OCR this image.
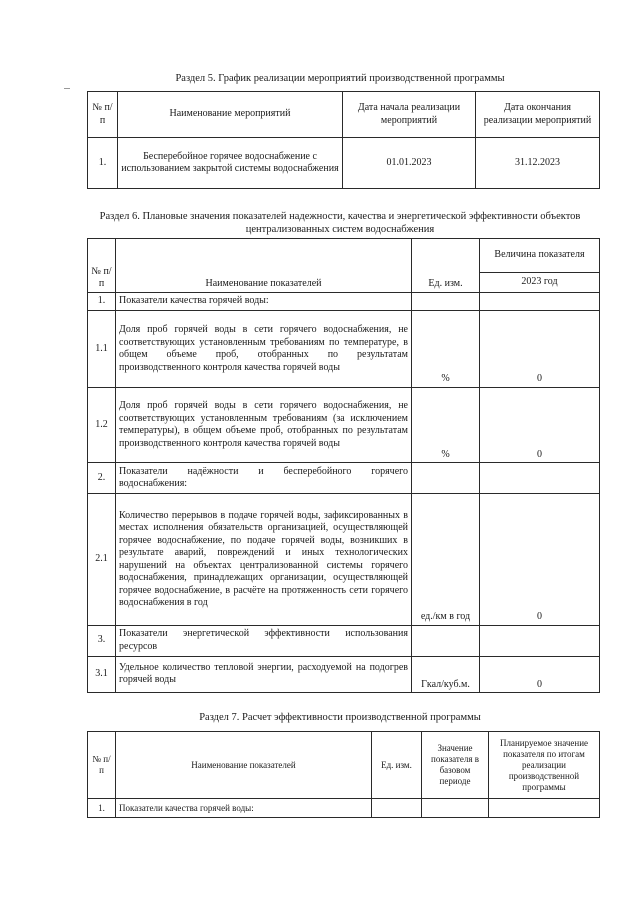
Раздел 5. График реализации мероприятий производственной программы
№ п/п	Наименование мероприятий	Дата начала реализации мероприятий	Дата окончания реализации мероприятий
1.	Бесперебойное горячее водоснабжение с использованием закрытой системы водоснабжения	01.01.2023	31.12.2023
Раздел 6. Плановые значения показателей надежности, качества и энергетической эффективности объектов централизованных систем водоснабжения
№ п/п	Наименование показателей	Ед. изм.	Величина показателя
			2023 год
1.	Показатели качества горячей воды:		
1.1	Доля проб горячей воды в сети горячего водоснабжения, не соответствующих установленным требованиям по температуре, в общем объеме проб, отобранных по результатам производственного контроля качества горячей воды	%	0
1.2	Доля проб горячей воды в сети горячего водоснабжения, не соответствующих установленным требованиям (за исключением температуры), в общем объеме проб, отобранных по результатам производственного контроля качества горячей воды	%	0
2.	Показатели надёжности и бесперебойного горячего водоснабжения:		
2.1	Количество перерывов в подаче горячей воды, зафиксированных в местах исполнения обязательств организацией, осуществляющей горячее водоснабжение, по подаче горячей воды, возникших в результате аварий, повреждений и иных технологических нарушений на объектах централизованной системы горячего водоснабжения, принадлежащих организации, осуществляющей горячее водоснабжение, в расчёте на протяженность сети горячего водоснабжения в год	ед./км в год	0
3.	Показатели энергетической эффективности использования ресурсов		
3.1	Удельное количество тепловой энергии, расходуемой на подогрев горячей воды	Гкал/куб.м.	0
Раздел 7. Расчет эффективности производственной программы
№ п/п	Наименование показателей	Ед. изм.	Значение показателя в базовом периоде	Планируемое значение показателя по итогам реализации производственной программы
1.	Показатели качества горячей воды:			
